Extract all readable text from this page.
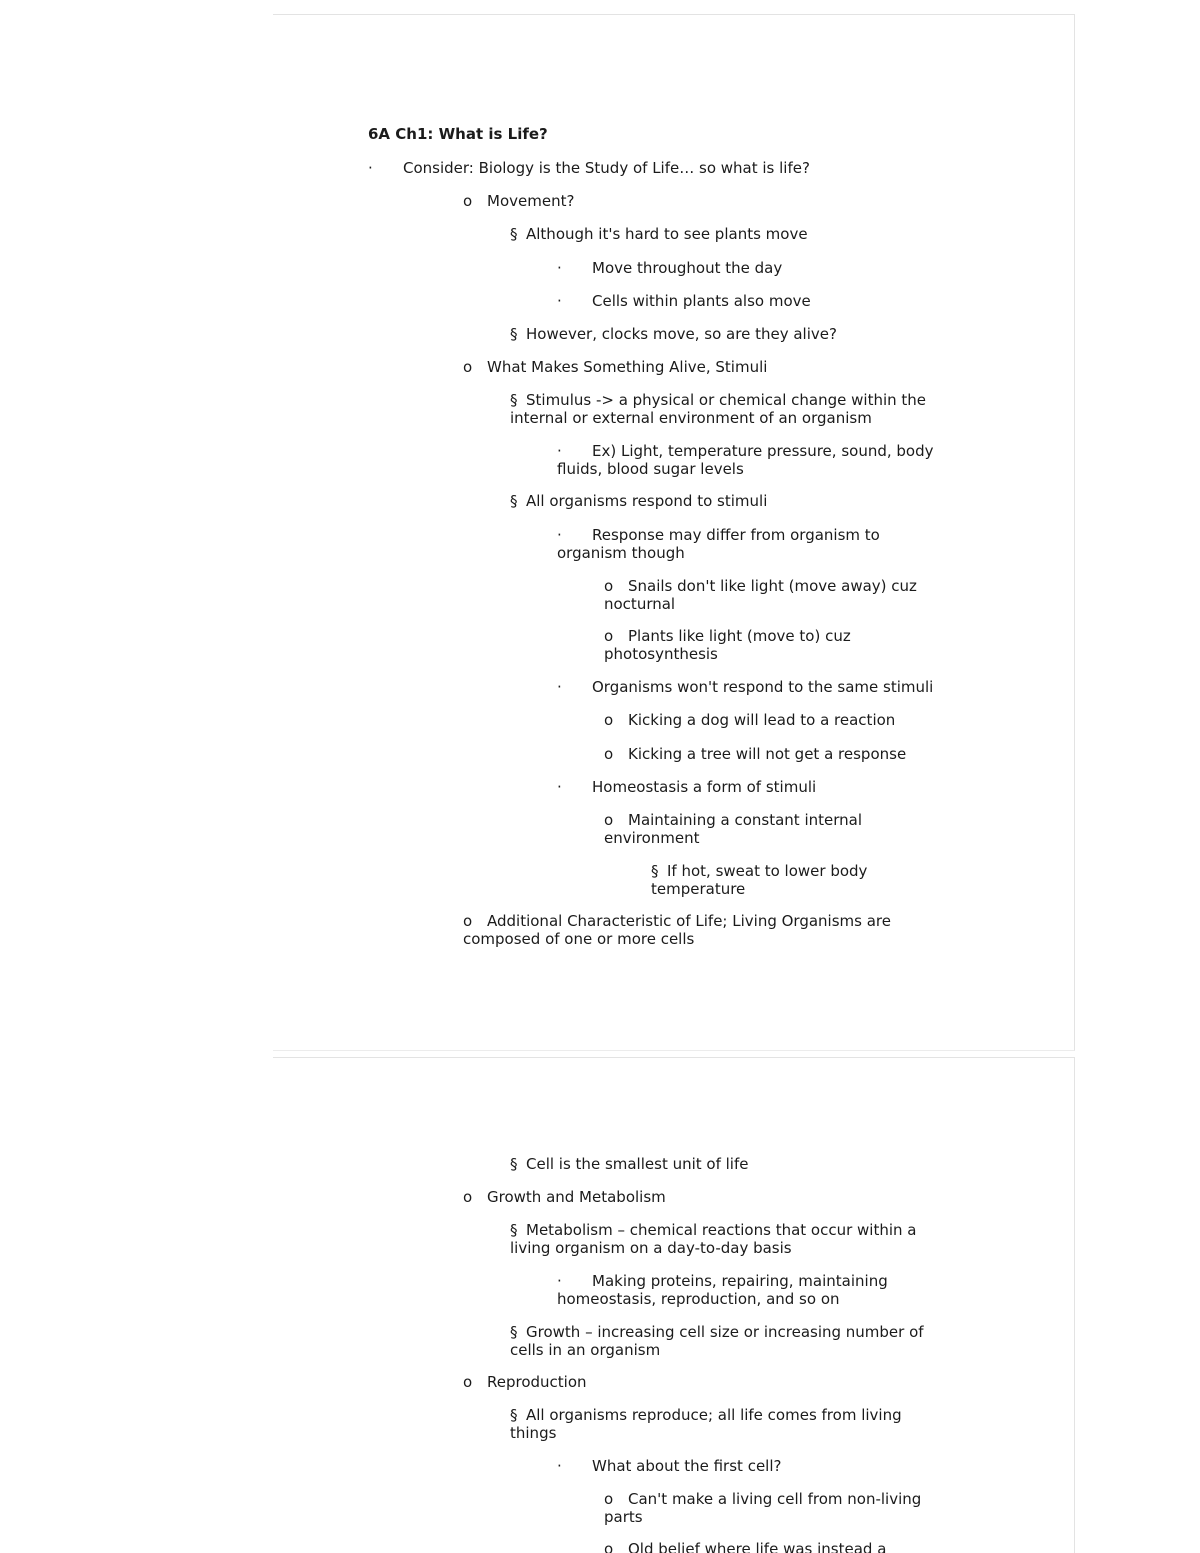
6A Ch1: What is Life?
· Consider: Biology is the Study of Life… so what is life?
o Movement?
§ Although it's hard to see plants move
· Move throughout the day
· Cells within plants also move
§ However, clocks move, so are they alive?
o What Makes Something Alive, Stimuli
§ Stimulus -> a physical or chemical change within the
internal or external environment of an organism
· Ex) Light, temperature pressure, sound, body
fluids, blood sugar levels
§ All organisms respond to stimuli
· Response may differ from organism to
organism though
o Snails don't like light (move away) cuz
nocturnal
o Plants like light (move to) cuz
photosynthesis
· Organisms won't respond to the same stimuli
o Kicking a dog will lead to a reaction
o Kicking a tree will not get a response
· Homeostasis a form of stimuli
o Maintaining a constant internal
environment
§ If hot, sweat to lower body
temperature
o Additional Characteristic of Life; Living Organisms are
composed of one or more cells
§ Cell is the smallest unit of life
o Growth and Metabolism
§ Metabolism – chemical reactions that occur within a
living organism on a day-to-day basis
· Making proteins, repairing, maintaining
homeostasis, reproduction, and so on
§ Growth – increasing cell size or increasing number of
cells in an organism
o Reproduction
§ All organisms reproduce; all life comes from living
things
· What about the first cell?
o Can't make a living cell from non-living
parts
o Old belief where life was instead a
